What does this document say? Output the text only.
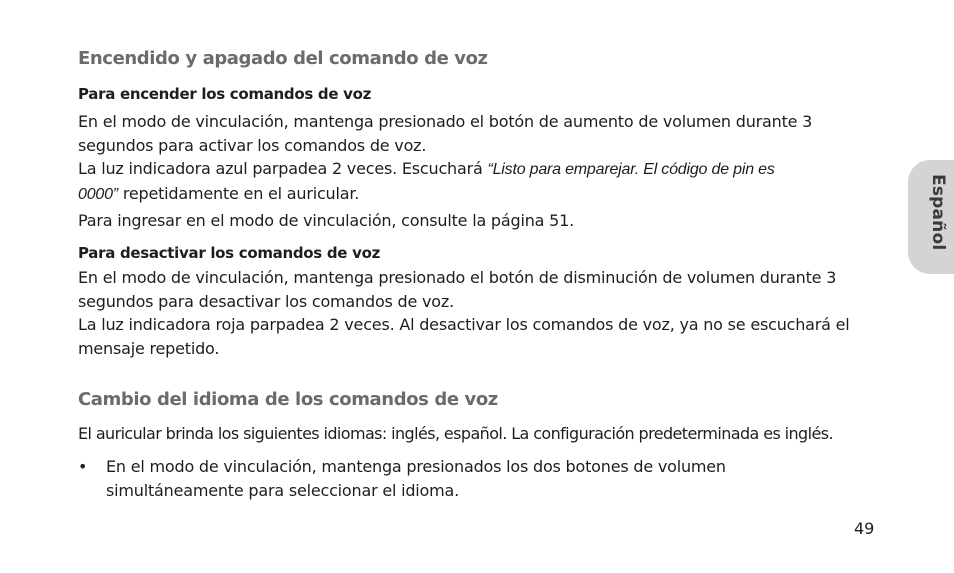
Encendido y apagado del comando de voz
Para encender los comandos de voz
En el modo de vinculación, mantenga presionado el botón de aumento de volumen durante 3
segundos para activar los comandos de voz.
La luz indicadora azul parpadea 2 veces. Escuchará “Listo para emparejar. El código de pin es
0000” repetidamente en el auricular.
Para ingresar en el modo de vinculación, consulte la página 51.
Para desactivar los comandos de voz
En el modo de vinculación, mantenga presionado el botón de disminución de volumen durante 3
segundos para desactivar los comandos de voz.
La luz indicadora roja parpadea 2 veces. Al desactivar los comandos de voz, ya no se escuchará el
mensaje repetido.
Cambio del idioma de los comandos de voz
El auricular brinda los siguientes idiomas: inglés, español. La configuración predeterminada es inglés.
• En el modo de vinculación, mantenga presionados los dos botones de volumen
simultáneamente para seleccionar el idioma.
Español
49
